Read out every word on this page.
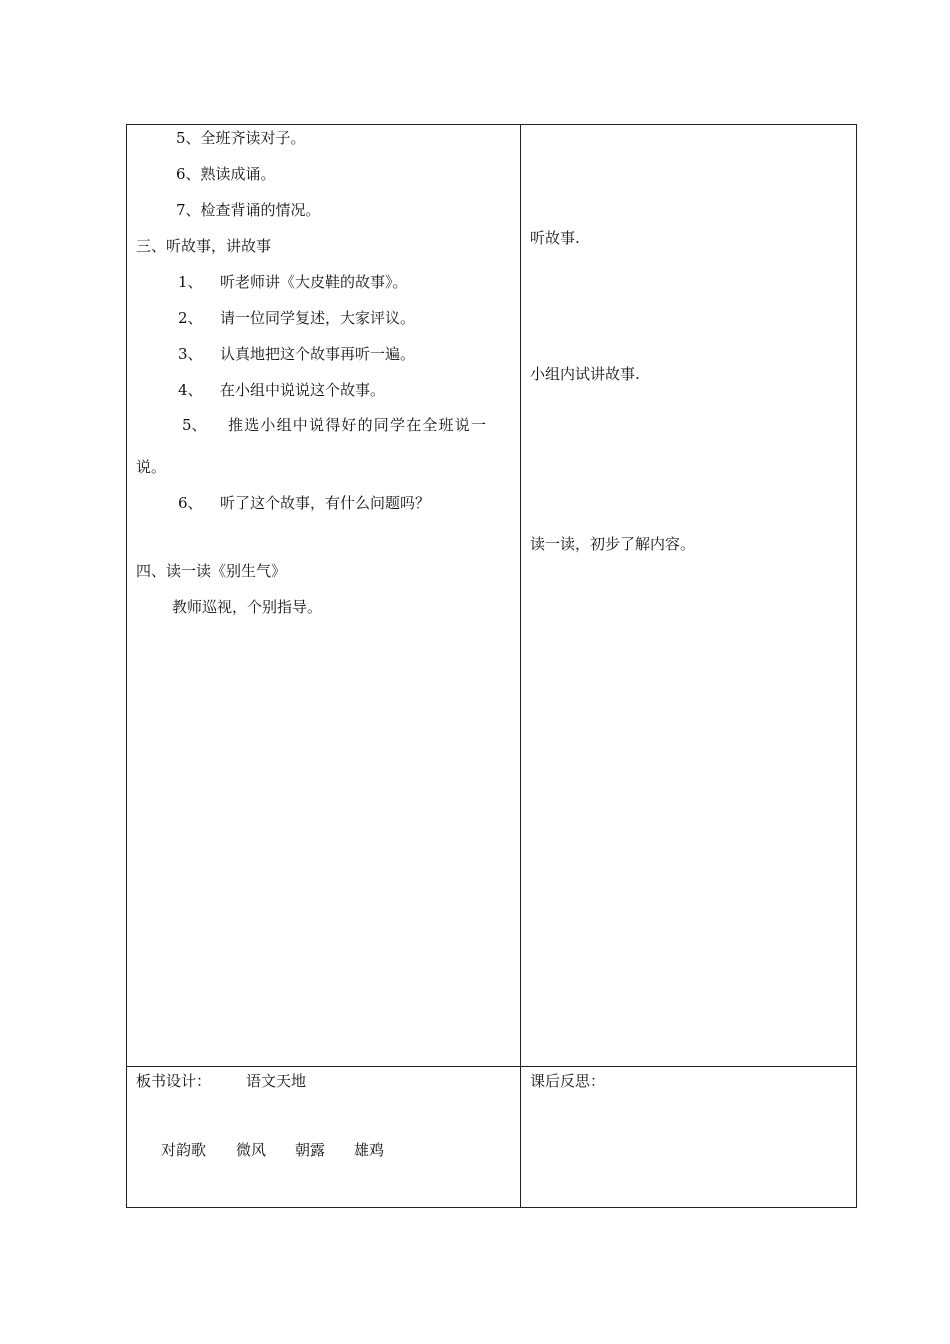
5、全班齐读对子。
6、熟读成诵。
7、检查背诵的情况。
三、听故事，讲故事
1、 听老师讲《大皮鞋的故事》。
2、 请一位同学复述，大家评议。
3、 认真地把这个故事再听一遍。
4、 在小组中说说这个故事。
5、 推选小组中说得好的同学在全班说一
说。
6、 听了这个故事，有什么问题吗？
四、读一读《别生气》
教师巡视，个别指导。
听故事.
小组内试讲故事.
读一读，初步了解内容。
板书设计： 语文天地
对韵歌 微风 朝露 雄鸡
课后反思：
